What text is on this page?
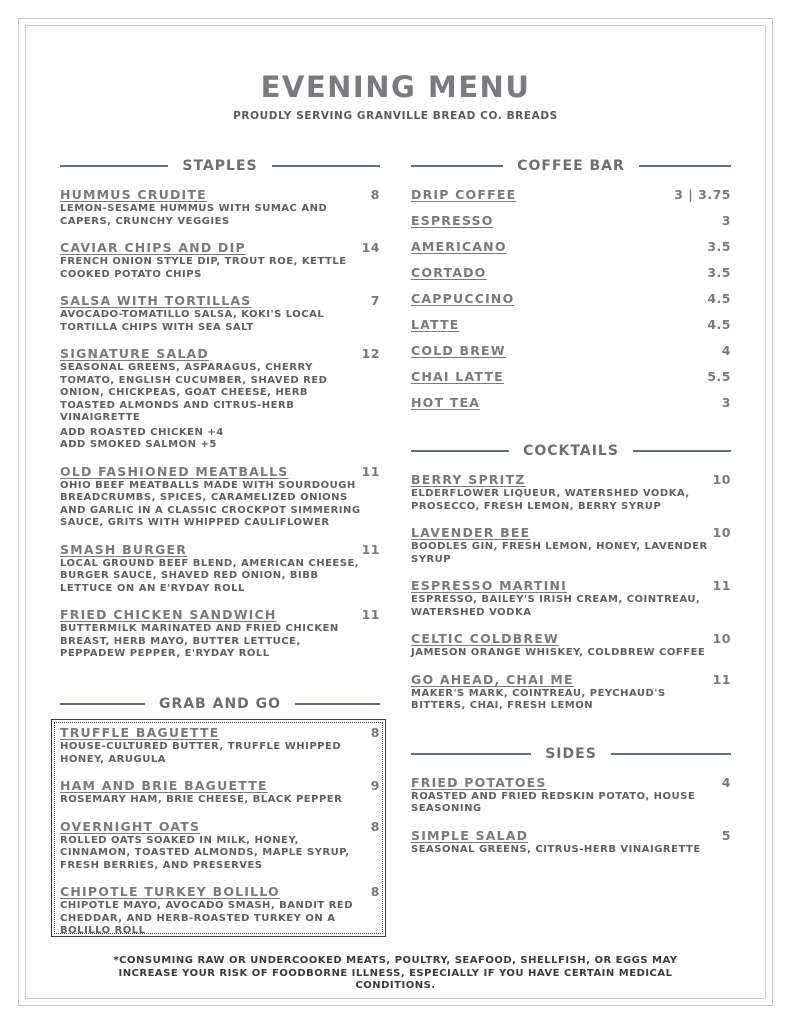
EVENING MENU
PROUDLY SERVING GRANVILLE BREAD CO. BREADS
STAPLES
HUMMUS CRUDITE	8
LEMON-SESAME HUMMUS WITH SUMAC AND CAPERS, CRUNCHY VEGGIES
CAVIAR CHIPS AND DIP	14
FRENCH ONION STYLE DIP, TROUT ROE, KETTLE COOKED POTATO CHIPS
SALSA WITH TORTILLAS	7
AVOCADO-TOMATILLO SALSA, KOKI'S LOCAL TORTILLA CHIPS WITH SEA SALT
SIGNATURE SALAD	12
SEASONAL GREENS, ASPARAGUS, CHERRY TOMATO, ENGLISH CUCUMBER, SHAVED RED ONION, CHICKPEAS, GOAT CHEESE, HERB TOASTED ALMONDS AND CITRUS-HERB VINAIGRETTE
ADD ROASTED CHICKEN +4
ADD SMOKED SALMON +5
OLD FASHIONED MEATBALLS	11
OHIO BEEF MEATBALLS MADE WITH SOURDOUGH BREADCRUMBS, SPICES, CARAMELIZED ONIONS AND GARLIC IN A CLASSIC CROCKPOT SIMMERING SAUCE, GRITS WITH WHIPPED CAULIFLOWER
SMASH BURGER	11
LOCAL GROUND BEEF BLEND, AMERICAN CHEESE, BURGER SAUCE, SHAVED RED ONION, BIBB LETTUCE ON AN E'RYDAY ROLL
FRIED CHICKEN SANDWICH	11
BUTTERMILK MARINATED AND FRIED CHICKEN BREAST, HERB MAYO, BUTTER LETTUCE, PEPPADEW PEPPER, E'RYDAY ROLL
GRAB AND GO
TRUFFLE BAGUETTE	8
HOUSE-CULTURED BUTTER, TRUFFLE WHIPPED HONEY, ARUGULA
HAM AND BRIE BAGUETTE	9
ROSEMARY HAM, BRIE CHEESE, BLACK PEPPER
OVERNIGHT OATS	8
ROLLED OATS SOAKED IN MILK, HONEY, CINNAMON, TOASTED ALMONDS, MAPLE SYRUP, FRESH BERRIES, AND PRESERVES
CHIPOTLE TURKEY BOLILLO	8
CHIPOTLE MAYO, AVOCADO SMASH, BANDIT RED CHEDDAR, AND HERB-ROASTED TURKEY ON A BOLILLO ROLL
COFFEE BAR
DRIP COFFEE	3 | 3.75
ESPRESSO	3
AMERICANO	3.5
CORTADO	3.5
CAPPUCCINO	4.5
LATTE	4.5
COLD BREW	4
CHAI LATTE	5.5
HOT TEA	3
COCKTAILS
BERRY SPRITZ	10
ELDERFLOWER LIQUEUR, WATERSHED VODKA, PROSECCO, FRESH LEMON, BERRY SYRUP
LAVENDER BEE	10
BOODLES GIN, FRESH LEMON, HONEY, LAVENDER SYRUP
ESPRESSO MARTINI	11
ESPRESSO, BAILEY'S IRISH CREAM, COINTREAU, WATERSHED VODKA
CELTIC COLDBREW	10
JAMESON ORANGE WHISKEY, COLDBREW COFFEE
GO AHEAD, CHAI ME	11
MAKER'S MARK, COINTREAU, PEYCHAUD'S BITTERS, CHAI, FRESH LEMON
SIDES
FRIED POTATOES	4
ROASTED AND FRIED REDSKIN POTATO, HOUSE SEASONING
SIMPLE SALAD	5
SEASONAL GREENS, CITRUS-HERB VINAIGRETTE
*CONSUMING RAW OR UNDERCOOKED MEATS, POULTRY, SEAFOOD, SHELLFISH, OR EGGS MAY INCREASE YOUR RISK OF FOODBORNE ILLNESS, ESPECIALLY IF YOU HAVE CERTAIN MEDICAL CONDITIONS.
